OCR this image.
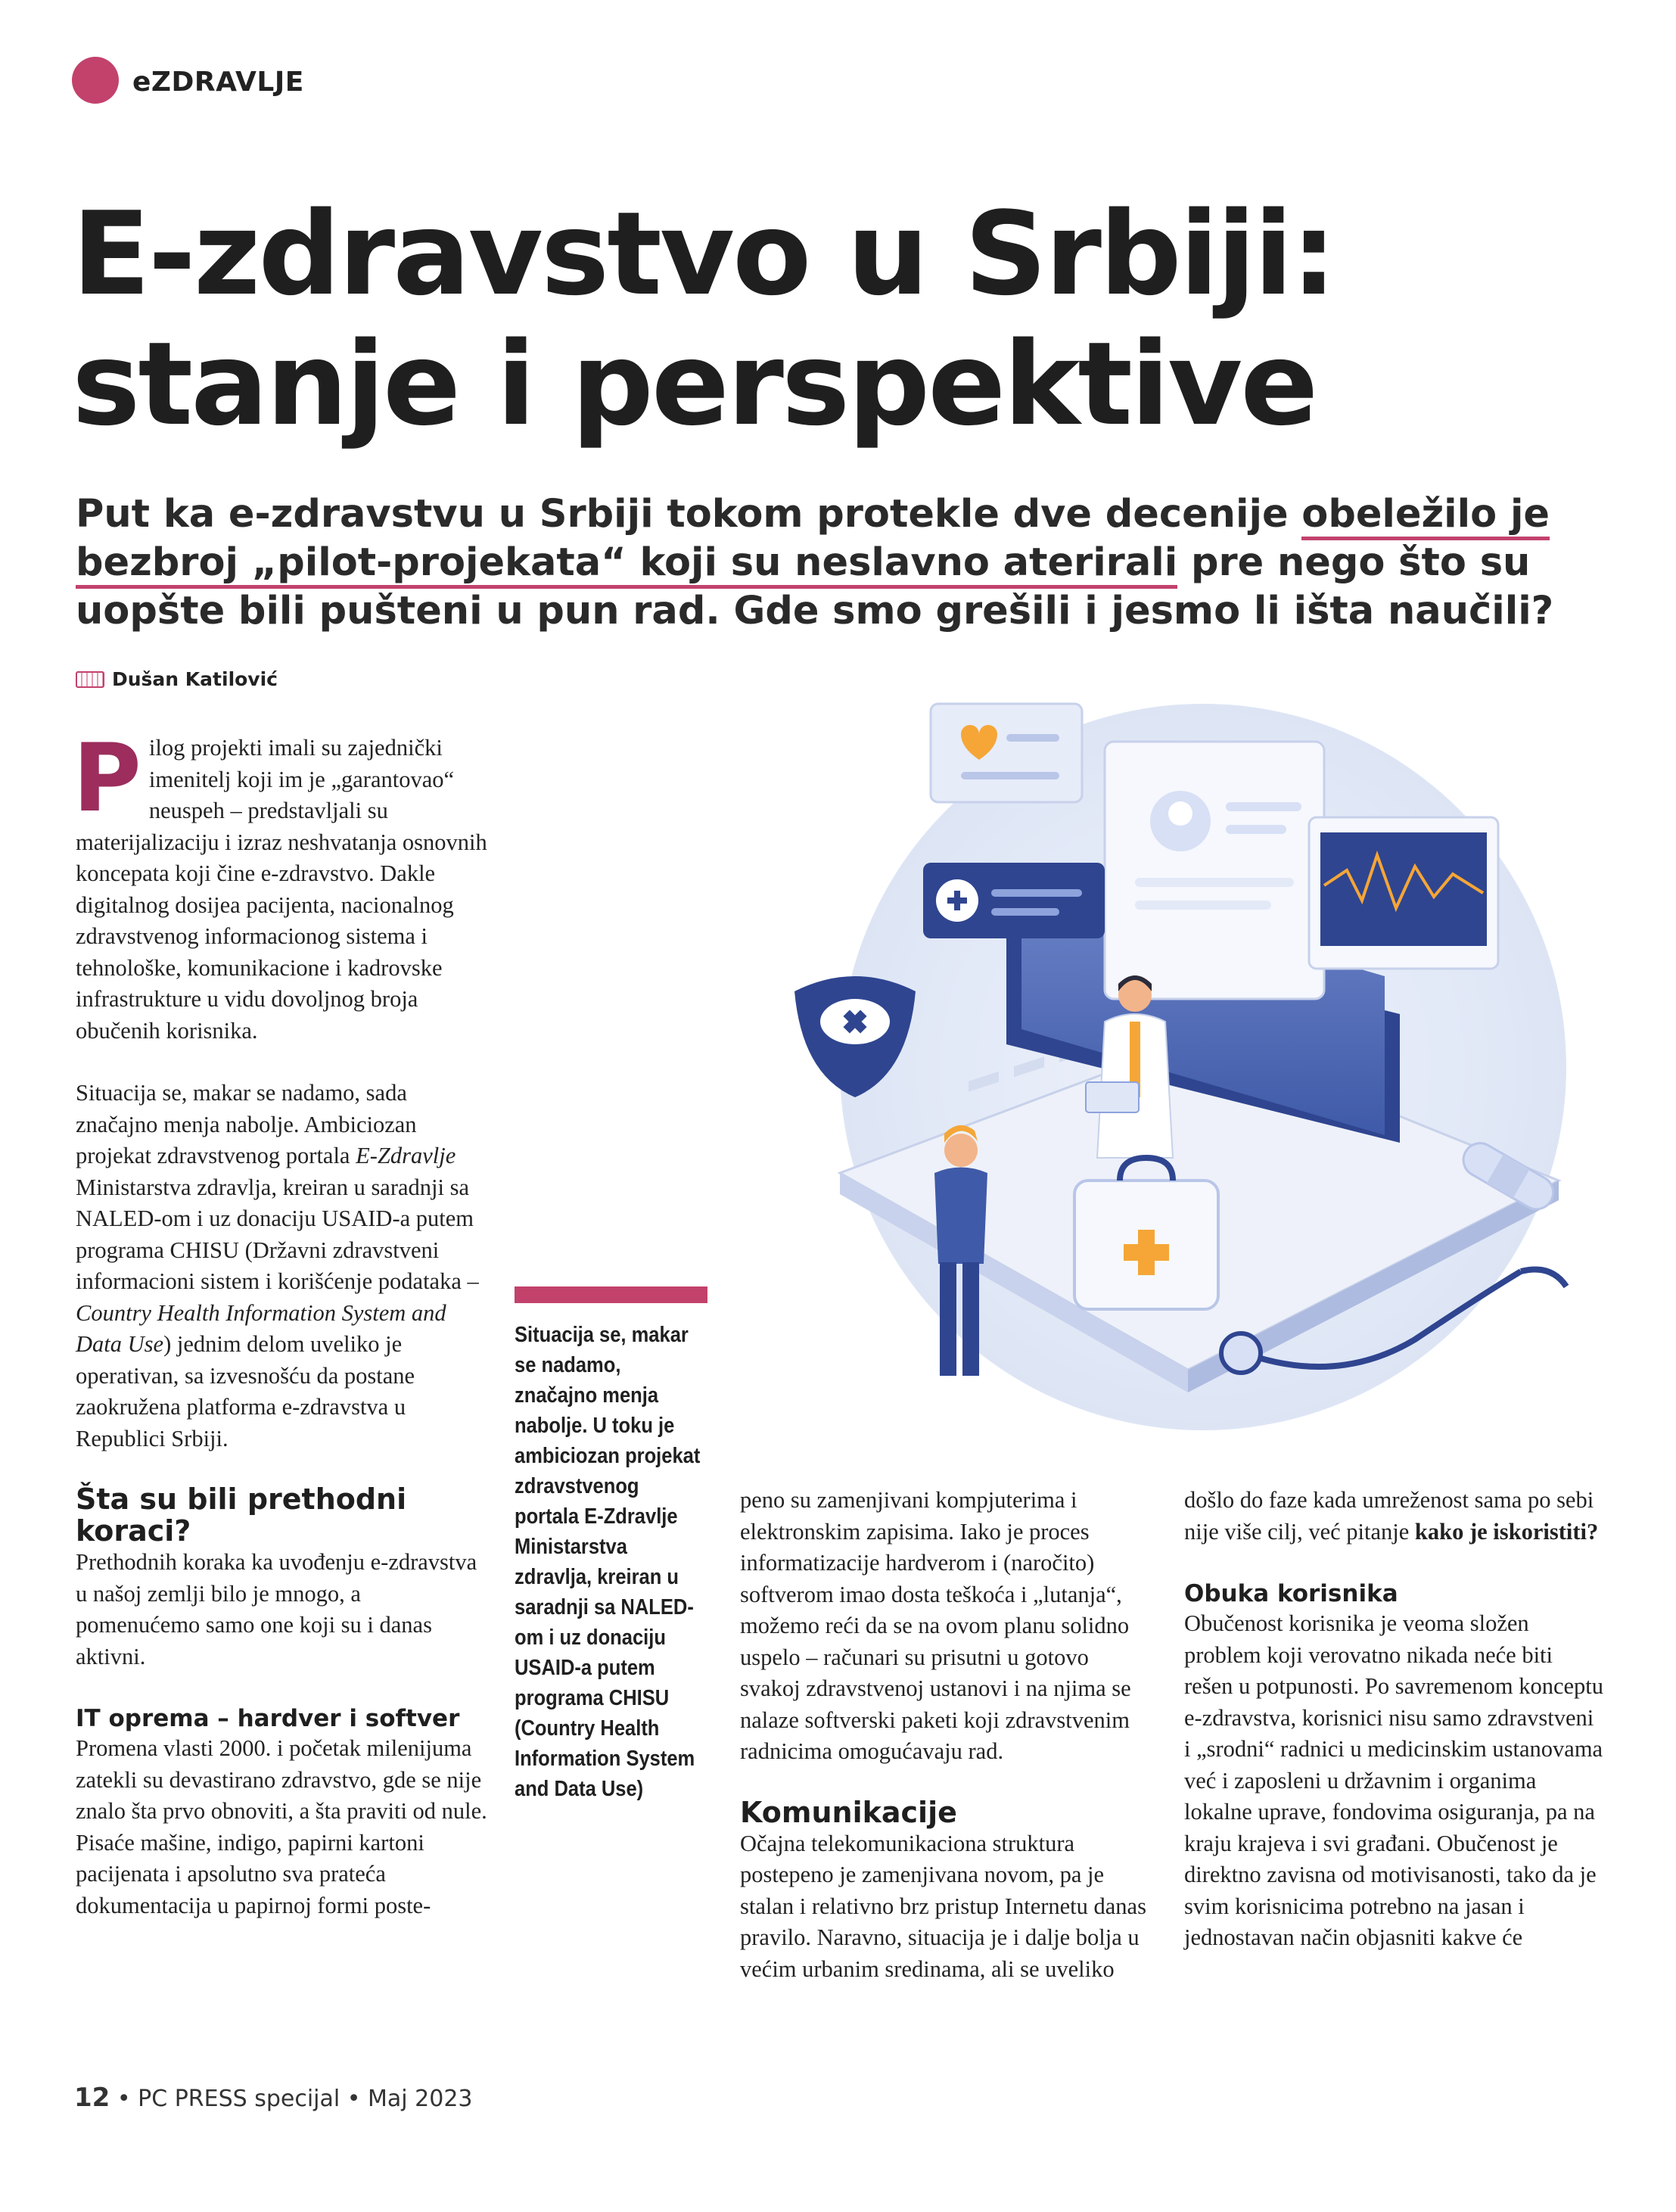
eZDRAVLJE
E-zdravstvo u Srbiji:
stanje i perspektive
Put ka e-zdravstvu u Srbiji tokom protekle dve decenije obeležilo je bezbroj „pilot-projekata“ koji su neslavno aterirali pre nego što su uopšte bili pušteni u pun rad. Gde smo grešili i jesmo li išta naučili?
Dušan Katilović
P ilog projekti imali su zajednički imenitelj koji im je „garantovao“ neuspeh – predstavljali su materijalizaciju i izraz neshvatanja osnovnih koncepata koji čine e-zdravstvo. Dakle digitalnog dosijea pacijenta, nacionalnog zdravstvenog informacionog sistema i tehnološke, komunikacione i kadrovske infrastrukture u vidu dovoljnog broja obučenih korisnika.

Situacija se, makar se nadamo, sada značajno menja nabolje. Ambiciozan projekat zdravstvenog portala E-Zdravlje Ministarstva zdravlja, kreiran u saradnji sa NALED-om i uz donaciju USAID-a putem programa CHISU (Državni zdravstveni informacioni sistem i korišćenje podataka – Country Health Information System and Data Use) jednim delom uveliko je operativan, sa izvesnošću da postane zaokružena platforma e-zdravstva u Republici Srbiji.

Šta su bili prethodni koraci?

Prethodnih koraka ka uvođenju e-zdravstva u našoj zemlji bilo je mnogo, a pomenućemo samo one koji su i danas aktivni.

IT oprema – hardver i softver

Promena vlasti 2000. i početak milenijuma zatekli su devastirano zdravstvo, gde se nije znalo šta prvo obnoviti, a šta praviti od nule. Pisaće mašine, indigo, papirni kartoni pacijenata i apsolutno sva prateća dokumentacija u papirnoj formi poste-

Situacija se, makar se nadamo, značajno menja nabolje. U toku je ambiciozan projekat zdravstvenog portala E-Zdravlje Ministarstva zdravlja, kreiran u saradnji sa NALED-om i uz donaciju USAID-a putem programa CHISU (Country Health Information System and Data Use)

peno su zamenjivani kompjuterima i elektronskim zapisima. Iako je proces informatizacije hardverom i (naročito) softverom imao dosta teškoća i „lutanja“, možemo reći da se na ovom planu solidno uspelo – računari su prisutni u gotovo svakoj zdravstvenoj ustanovi i na njima se nalaze softverski paketi koji zdravstvenim radnicima omogućavaju rad.

Komunikacije

Očajna telekomunikaciona struktura postepeno je zamenjivana novom, pa je stalan i relativno brz pristup Internetu danas pravilo. Naravno, situacija je i dalje bolja u većim urbanim sredinama, ali se uveliko

došlo do faze kada umreženost sama po sebi nije više cilj, već pitanje kako je iskoristiti?

Obuka korisnika

Obučenost korisnika je veoma složen problem koji verovatno nikada neće biti rešen u potpunosti. Po savremenom konceptu e-zdravstva, korisnici nisu samo zdravstveni i „srodni“ radnici u medicinskim ustanovama već i zaposleni u državnim i organima lokalne uprave, fondovima osiguranja, pa na kraju krajeva i svi građani. Obučenost je direktno zavisna od motivisanosti, tako da je svim korisnicima potrebno na jasan i jednostavan način objasniti kakve će

12 • PC PRESS specijal • Maj 2023
